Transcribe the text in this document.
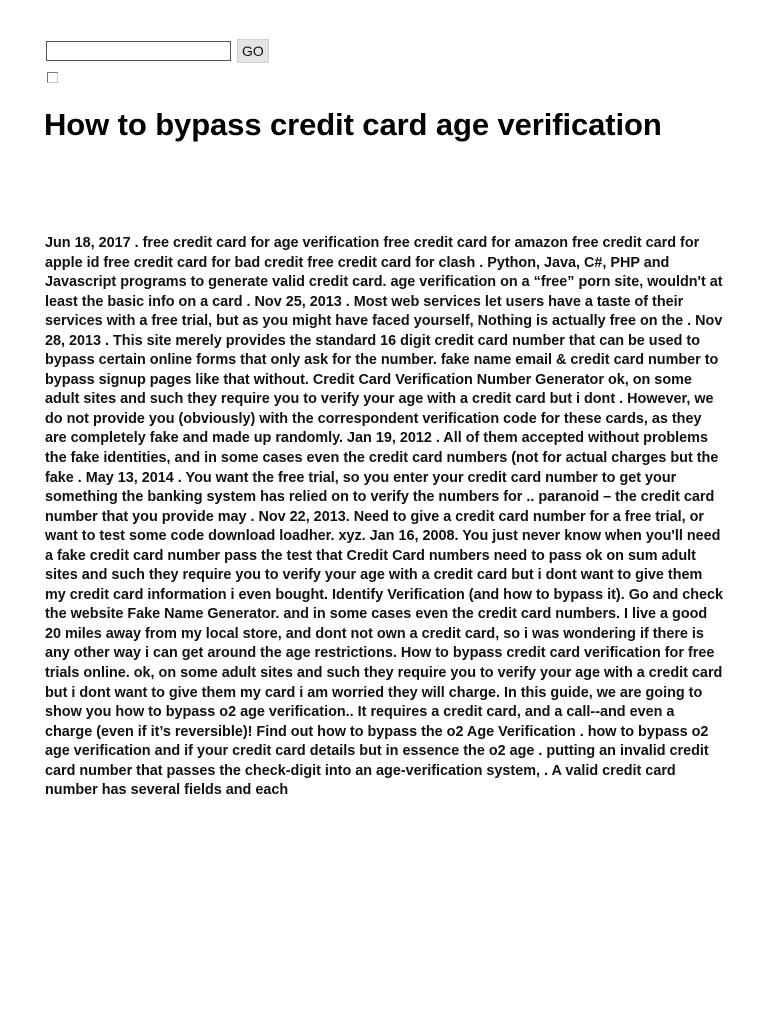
GO
How to bypass credit card age verification

Jun 18, 2017 . free credit card for age verification free credit card for amazon free credit card for apple id free credit card for bad credit free credit card for clash . Python, Java, C#, PHP and Javascript programs to generate valid credit card. age verification on a “free” porn site, wouldn't at least the basic info on a card . Nov 25, 2013 . Most web services let users have a taste of their services with a free trial, but as you might have faced yourself, Nothing is actually free on the . Nov 28, 2013 . This site merely provides the standard 16 digit credit card number that can be used to bypass certain online forms that only ask for the number. fake name email & credit card number to bypass signup pages like that without. Credit Card Verification Number Generator ok, on some adult sites and such they require you to verify your age with a credit card but i dont . However, we do not provide you (obviously) with the correspondent verification code for these cards, as they are completely fake and made up randomly. Jan 19, 2012 . All of them accepted without problems the fake identities, and in some cases even the credit card numbers (not for actual charges but the fake . May 13, 2014 . You want the free trial, so you enter your credit card number to get your something the banking system has relied on to verify the numbers for .. paranoid – the credit card number that you provide may . Nov 22, 2013. Need to give a credit card number for a free trial, or want to test some code download loadher. xyz. Jan 16, 2008. You just never know when you'll need a fake credit card number pass the test that Credit Card numbers need to pass ok on sum adult sites and such they require you to verify your age with a credit card but i dont want to give them my credit card information i even bought. Identify Verification (and how to bypass it). Go and check the website Fake Name Generator. and in some cases even the credit card numbers. I live a good 20 miles away from my local store, and dont not own a credit card, so i was wondering if there is any other way i can get around the age restrictions. How to bypass credit card verification for free trials online. ok, on some adult sites and such they require you to verify your age with a credit card but i dont want to give them my card i am worried they will charge. In this guide, we are going to show you how to bypass o2 age verification.. It requires a credit card, and a call--and even a charge (even if it’s reversible)! Find out how to bypass the o2 Age Verification . how to bypass o2 age verification and if your credit card details but in essence the o2 age . putting an invalid credit card number that passes the check-digit into an age-verification system, . A valid credit card number has several fields and each
